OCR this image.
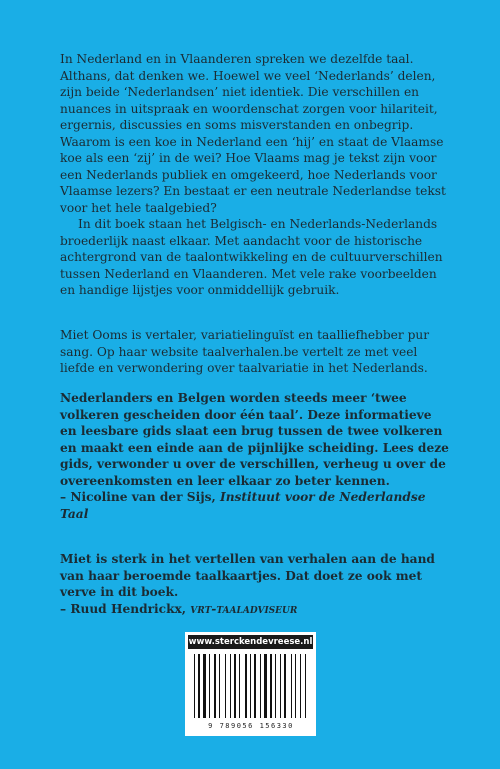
In Nederland en in Vlaanderen spreken we dezelfde taal. Althans, dat denken we. Hoewel we veel ‘Nederlands’ delen, zijn beide ‘Nederlandsen’ niet identiek. Die verschillen en nuances in uitspraak en woordenschat zorgen voor hilariteit, ergernis, discussies en soms misverstanden en onbegrip. Waarom is een koe in Nederland een ‘hij’ en staat de Vlaamse koe als een ‘zij’ in de wei? Hoe Vlaams mag je tekst zijn voor een Nederlands publiek en omgekeerd, hoe Nederlands voor Vlaamse lezers? En bestaat er een neutrale Nederlandse tekst voor het hele taalgebied?

In dit boek staan het Belgisch- en Nederlands-Nederlands broederlijk naast elkaar. Met aandacht voor de historische achtergrond van de taalontwikkeling en de cultuurverschillen tussen Nederland en Vlaanderen. Met vele rake voorbeelden en handige lijstjes voor onmiddellijk gebruik.

Miet Ooms is vertaler, variatielinguïst en taalliefhebber pur sang. Op haar website taalverhalen.be vertelt ze met veel liefde en verwondering over taalvariatie in het Nederlands.

Nederlanders en Belgen worden steeds meer ‘twee volkeren gescheiden door één taal’. Deze informatieve en leesbare gids slaat een brug tussen de twee volkeren en maakt een einde aan de pijnlijke scheiding. Lees deze gids, verwonder u over de verschillen, verheug u over de overeenkomsten en leer elkaar zo beter kennen.

– Nicoline van der Sijs, Instituut voor de Nederlandse Taal

Miet is sterk in het vertellen van verhalen aan de hand van haar beroemde taalkaartjes. Dat doet ze ook met verve in dit boek.

– Ruud Hendrickx, vrt-taaladviseur

www.sterckendevreese.nl
9 789056 156330
